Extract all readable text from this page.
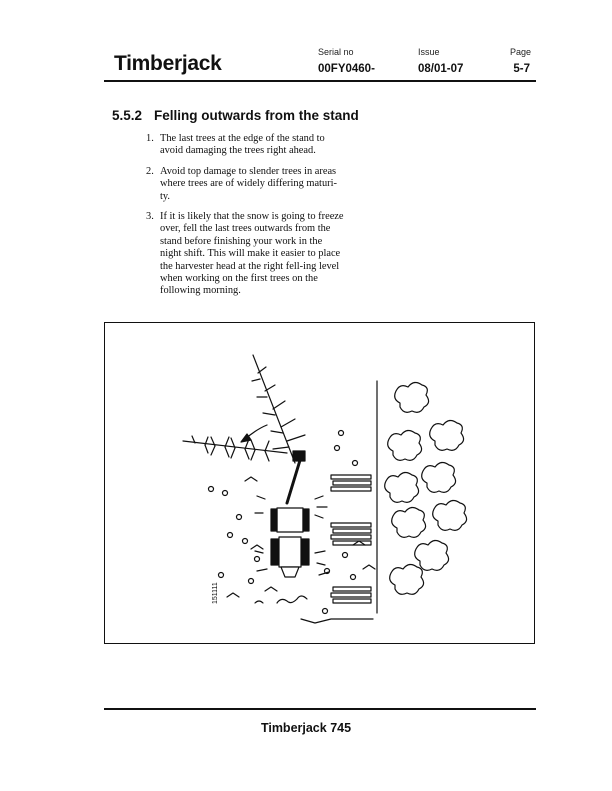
Timberjack	Serial no
00FY0460-
Issue
08/01-07
Page
5-7
5.5.2 Felling outwards from the stand
1. The last trees at the edge of the stand to avoid damaging the trees right ahead.
2. Avoid top damage to slender trees in areas where trees are of widely differing maturi-ty.
3. If it is likely that the snow is going to freeze over, fell the last trees outwards from the stand before finishing your work in the night shift. This will make it easier to place the harvester head at the right fell-ing level when working on the first trees on the following morning.
151111
Timberjack 745
